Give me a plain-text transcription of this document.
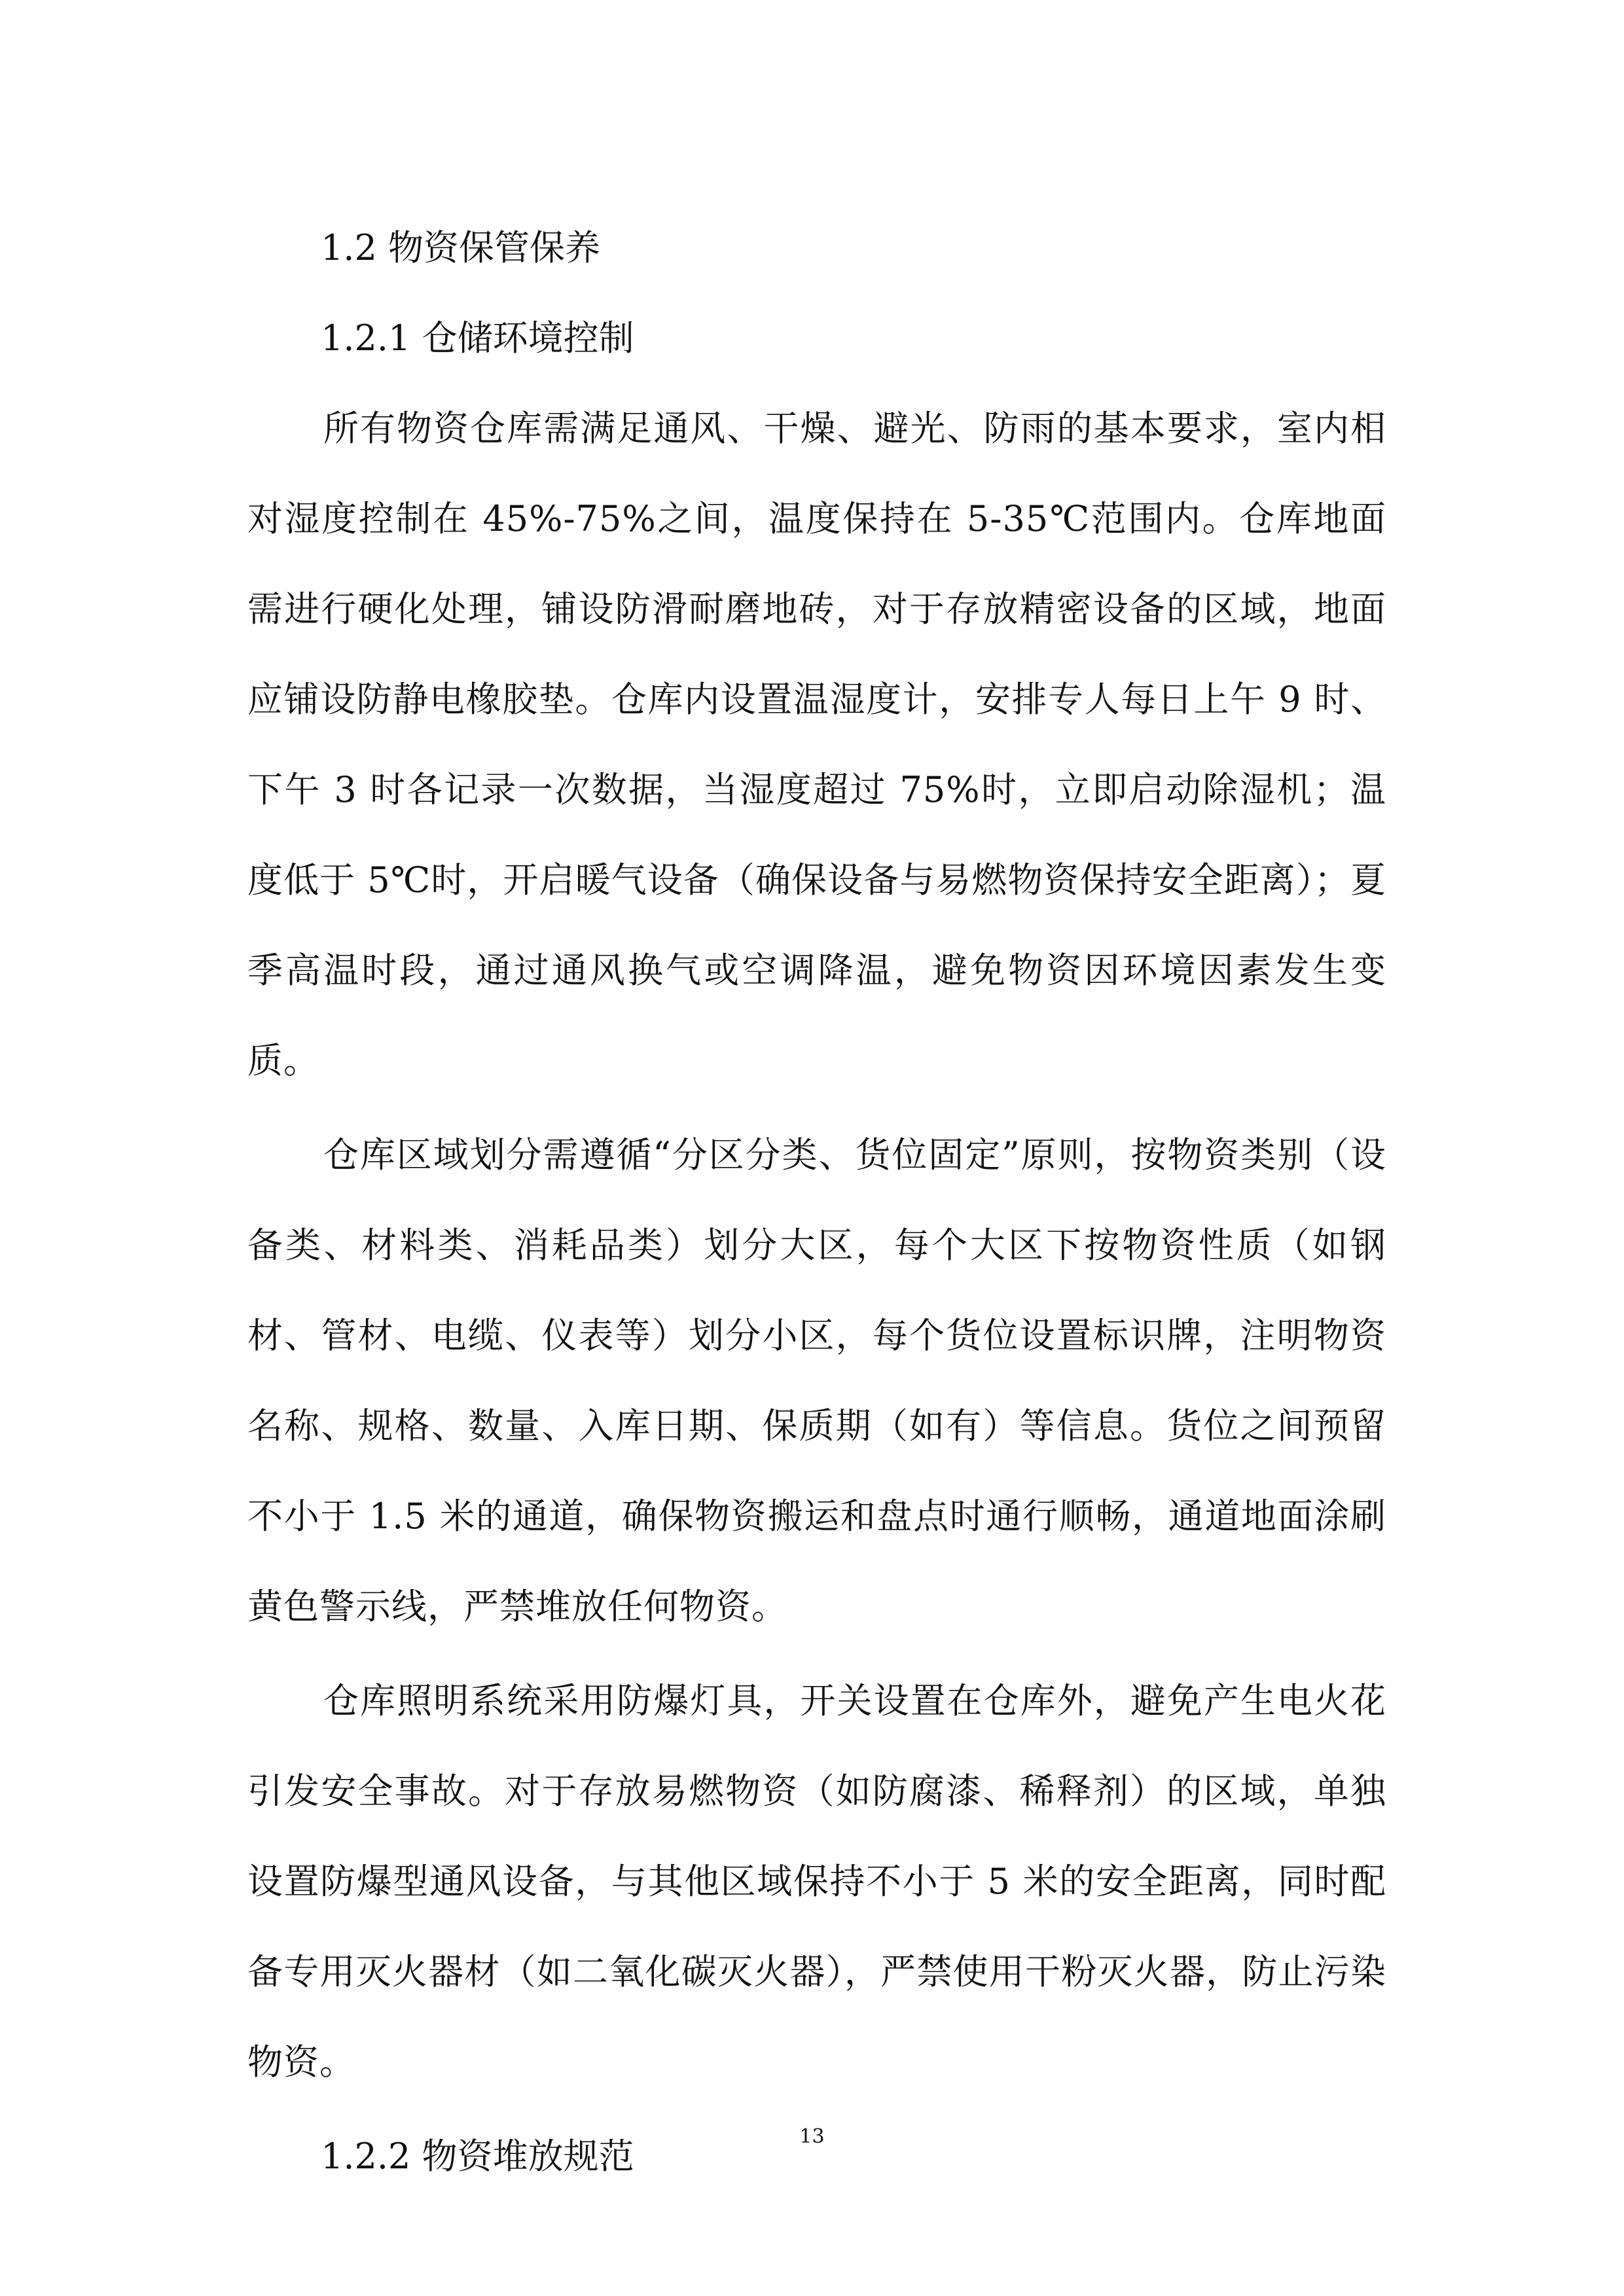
1.2 物资保管保养
1.2.1 仓储环境控制

所有物资仓库需满足通风、干燥、避光、防雨的基本要求，室内相对湿度控制在 45%-75%之间，温度保持在 5-35℃范围内。仓库地面需进行硬化处理，铺设防滑耐磨地砖，对于存放精密设备的区域，地面应铺设防静电橡胶垫。仓库内设置温湿度计，安排专人每日上午 9 时、下午 3 时各记录一次数据，当湿度超过 75%时，立即启动除湿机；温度低于 5℃时，开启暖气设备（确保设备与易燃物资保持安全距离）；夏季高温时段，通过通风换气或空调降温，避免物资因环境因素发生变质。

仓库区域划分需遵循“分区分类、货位固定”原则，按物资类别（设备类、材料类、消耗品类）划分大区，每个大区下按物资性质（如钢材、管材、电缆、仪表等）划分小区，每个货位设置标识牌，注明物资名称、规格、数量、入库日期、保质期（如有）等信息。货位之间预留不小于 1.5 米的通道，确保物资搬运和盘点时通行顺畅，通道地面涂刷黄色警示线，严禁堆放任何物资。

仓库照明系统采用防爆灯具，开关设置在仓库外，避免产生电火花引发安全事故。对于存放易燃物资（如防腐漆、稀释剂）的区域，单独设置防爆型通风设备，与其他区域保持不小于 5 米的安全距离，同时配备专用灭火器材（如二氧化碳灭火器），严禁使用干粉灭火器，防止污染物资。

1.2.2 物资堆放规范	13
